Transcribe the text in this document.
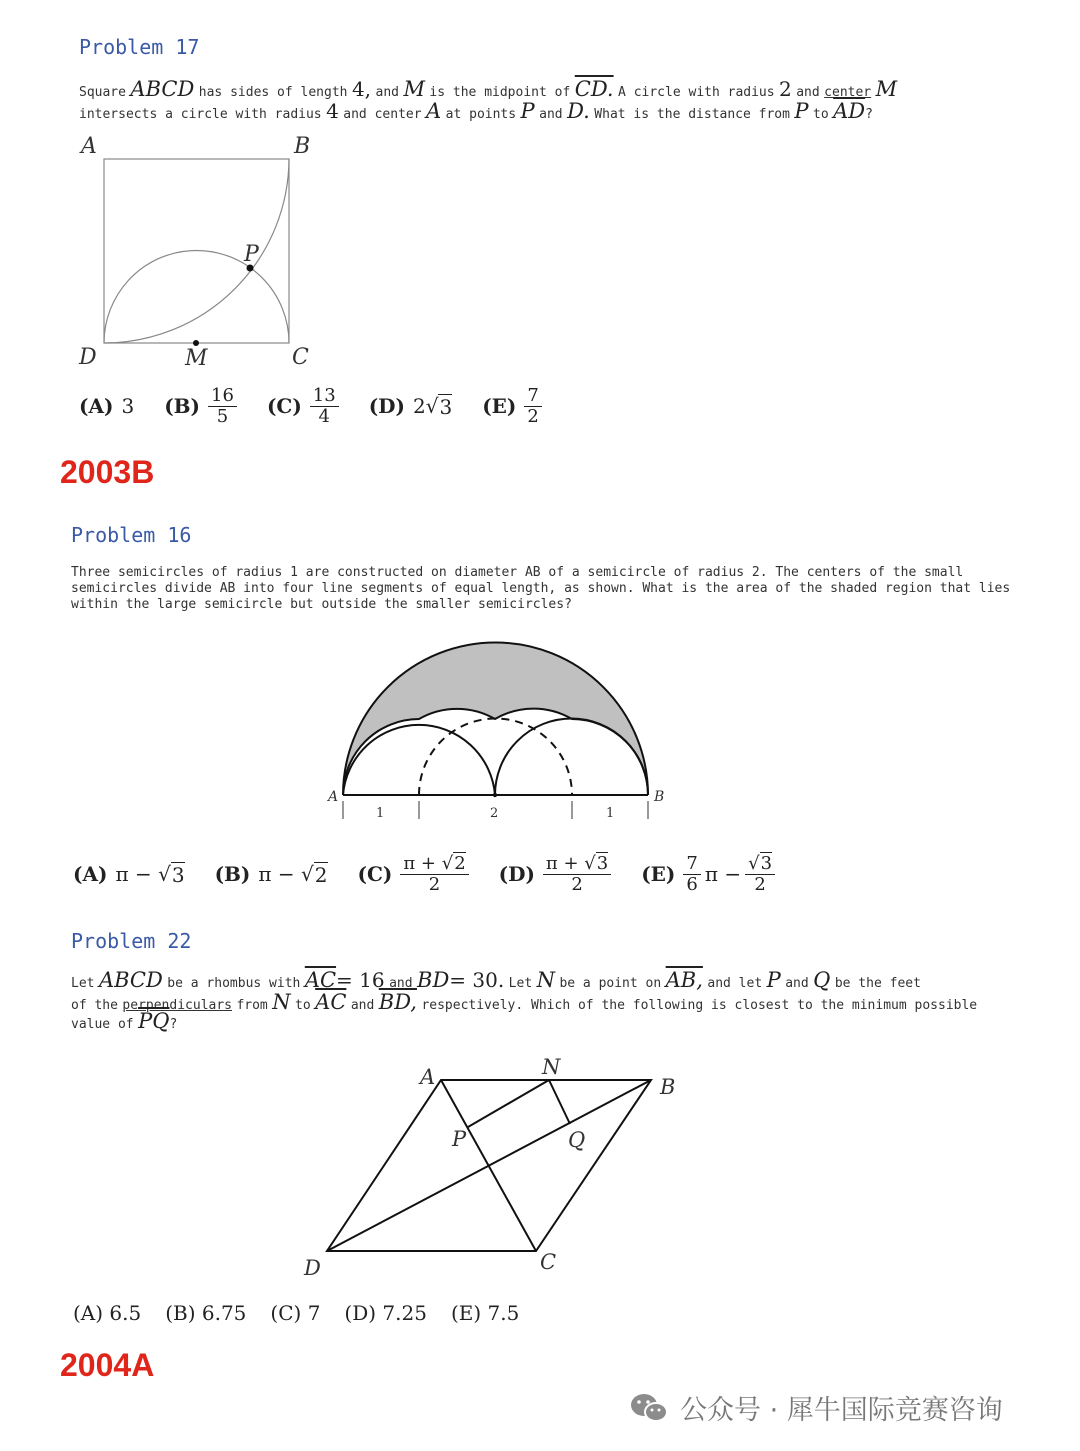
Problem 17
Square ABCD has sides of length 4, and M is the midpoint of CD. A circle with radius 2 and center M
intersects a circle with radius 4 and center A at points P and D. What is the distance from P to $\overline{AD}$?
A	B
P
D	M	C
(A) 3 $(B) \frac{16}{5} (C) \frac{13}{4} (D)$ 2 √ 3 $(E) \frac{7}{2}$
2003B
Problem 16
Three semicircles of radius 1 are constructed on diameter AB of a semicircle of radius 2. The centers of the small
semicircles divide AB into four line segments of equal length, as shown. What is the area of the shaded region that lies
within the large semicircle but outside the smaller semicircles?
A	B
1	2	1
(A) π − √ 3 (B) π − √ 2 $(C) \frac{\pi + √2}{2} (D) \frac{\pi + √3}{2} (E) \frac{7}{6}$ $\pi - \frac{√3}{2}$
Problem 22
Let ABCD be a rhombus with $\overline{AC}= 16$ and BD= 30. Let N be a point on AB, and let P and Q be the feet
of the perpendiculars from N to $\overline{AC}$ and BD, respectively. Which of the following is closest to the minimum possible
value of $\overline{PQ}$?
A	B
N
P	Q
C
D
(A) 6.5 (B) 6.75 (C) 7 (D) 7.25 (E) 7.5
2004A
公众号 · 犀牛国际竞赛咨询
